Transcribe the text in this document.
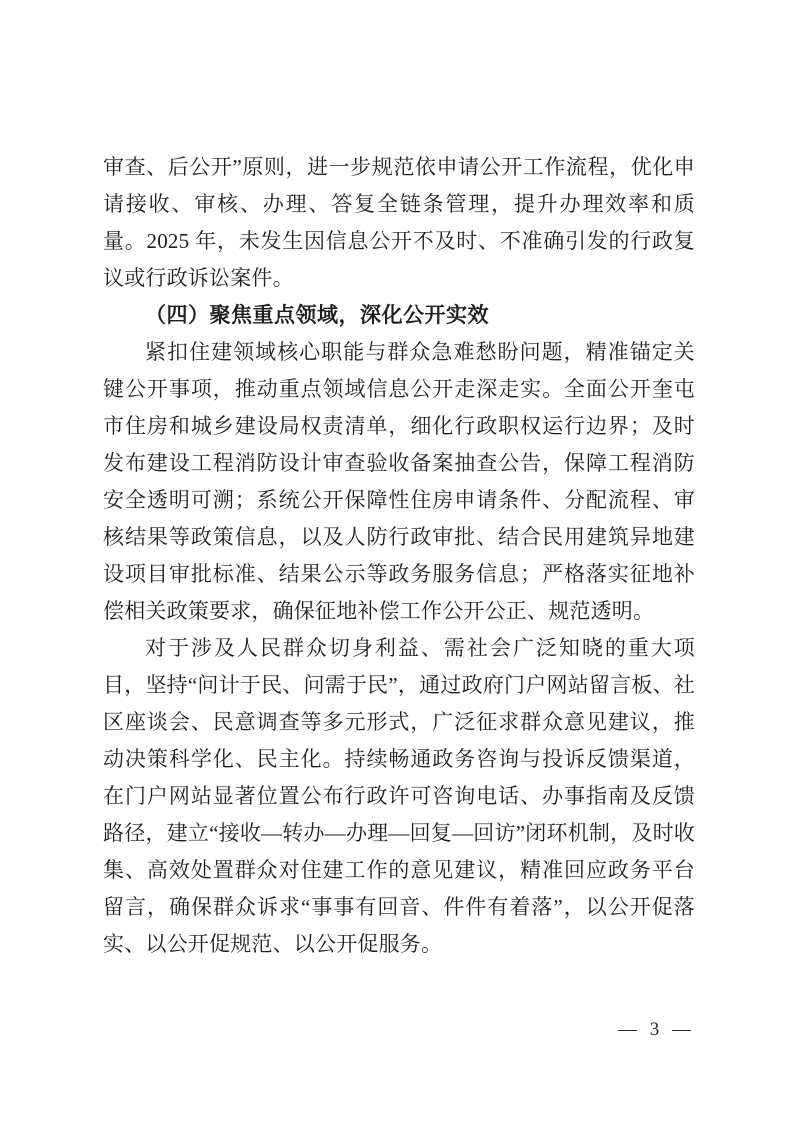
审查、后公开”原则，进一步规范依申请公开工作流程，优化申请接收、审核、办理、答复全链条管理，提升办理效率和质量。2025 年，未发生因信息公开不及时、不准确引发的行政复议或行政诉讼案件。

（四）聚焦重点领域，深化公开实效

紧扣住建领域核心职能与群众急难愁盼问题，精准锚定关键公开事项，推动重点领域信息公开走深走实。全面公开奎屯市住房和城乡建设局权责清单，细化行政职权运行边界；及时发布建设工程消防设计审查验收备案抽查公告，保障工程消防安全透明可溯；系统公开保障性住房申请条件、分配流程、审核结果等政策信息，以及人防行政审批、结合民用建筑异地建设项目审批标准、结果公示等政务服务信息；严格落实征地补偿相关政策要求，确保征地补偿工作公开公正、规范透明。

对于涉及人民群众切身利益、需社会广泛知晓的重大项目，坚持“问计于民、问需于民”，通过政府门户网站留言板、社区座谈会、民意调查等多元形式，广泛征求群众意见建议，推动决策科学化、民主化。持续畅通政务咨询与投诉反馈渠道，在门户网站显著位置公布行政许可咨询电话、办事指南及反馈路径，建立“接收—转办—办理—回复—回访”闭环机制，及时收集、高效处置群众对住建工作的意见建议，精准回应政务平台留言，确保群众诉求“事事有回音、件件有着落”，以公开促落实、以公开促规范、以公开促服务。

— 3 —
